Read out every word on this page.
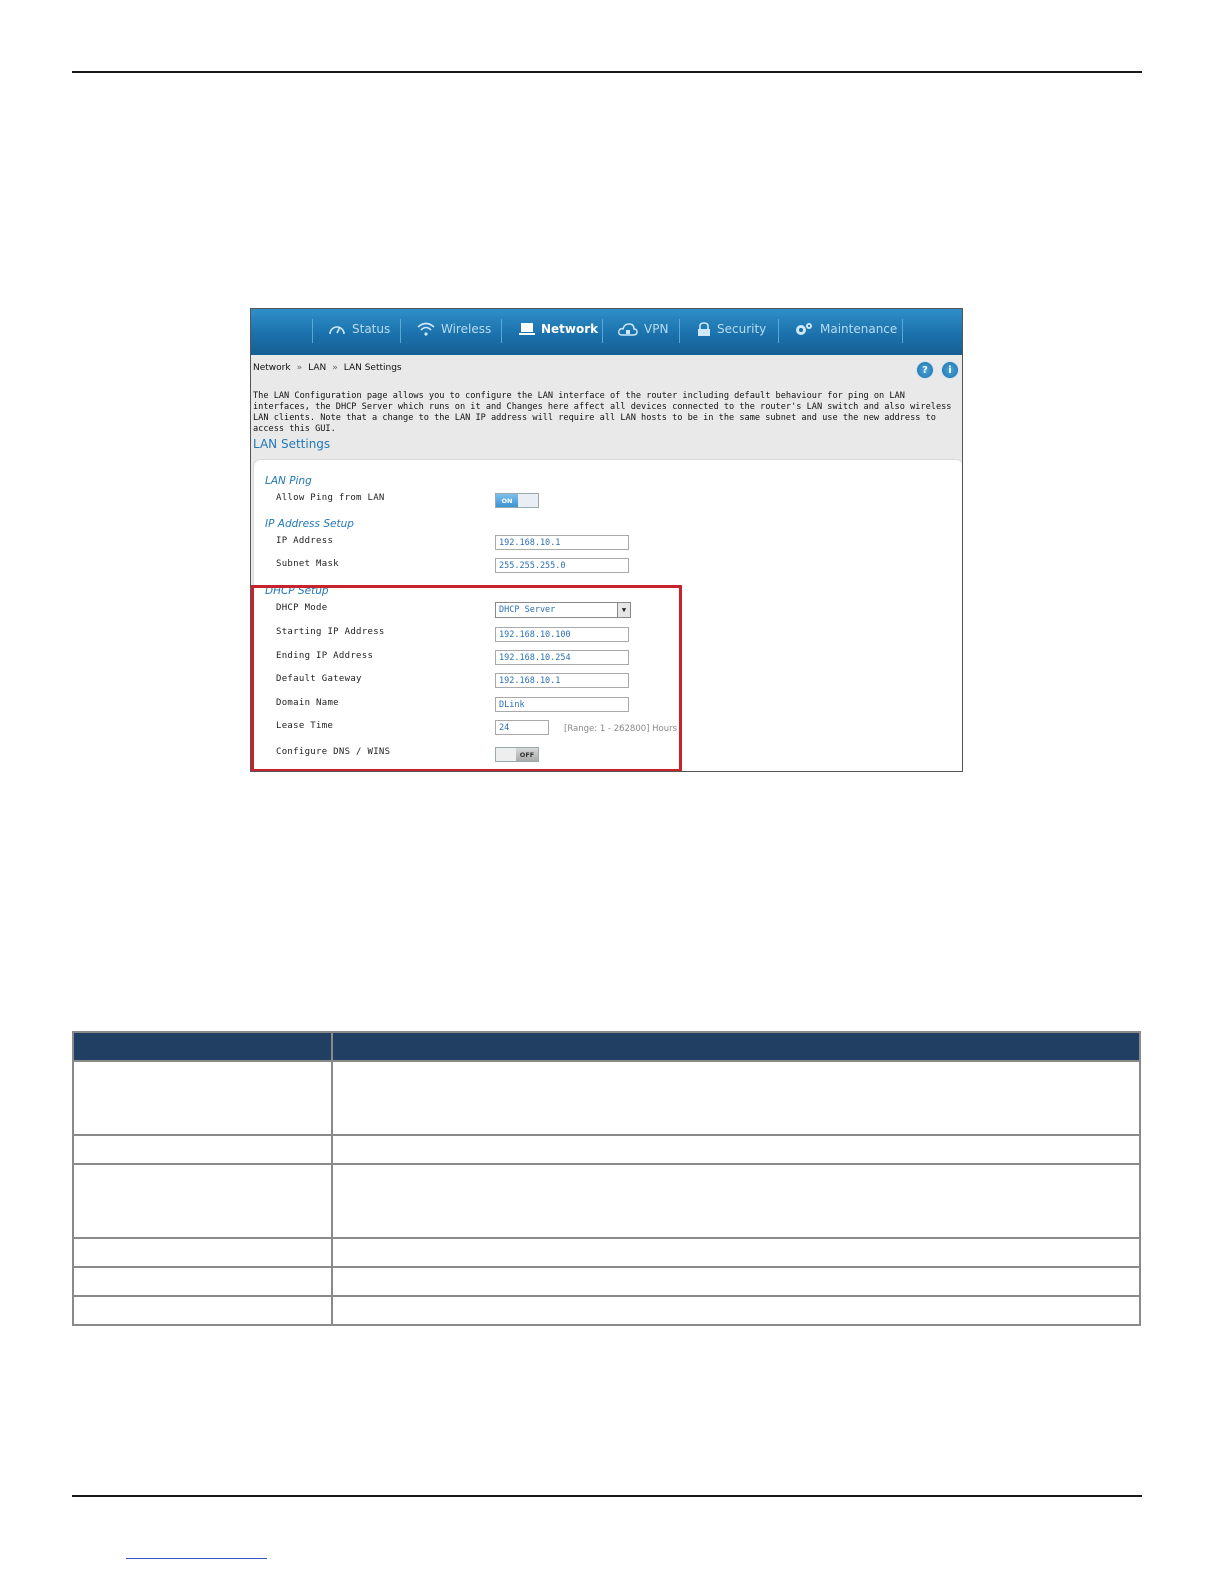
Status	Wireless	Network	VPN	Security	Maintenance
Network » LAN » LAN Settings	?	i
The LAN Configuration page allows you to configure the LAN interface of the router including default behaviour for ping on LAN interfaces, the DHCP Server which runs on it and Changes here affect all devices connected to the router's LAN switch and also wireless LAN clients. Note that a change to the LAN IP address will require all LAN hosts to be in the same subnet and use the new address to access this GUI.
LAN Settings
LAN Ping
Allow Ping from LAN	ON
IP Address Setup
IP Address	192.168.10.1
Subnet Mask	255.255.255.0
DHCP Setup
DHCP Mode	DHCP Server	▼
Starting IP Address	192.168.10.100
Ending IP Address	192.168.10.254
Default Gateway	192.168.10.1
Domain Name	DLink
Lease Time	24	[Range: 1 - 262800] Hours
Configure DNS / WINS	OFF
